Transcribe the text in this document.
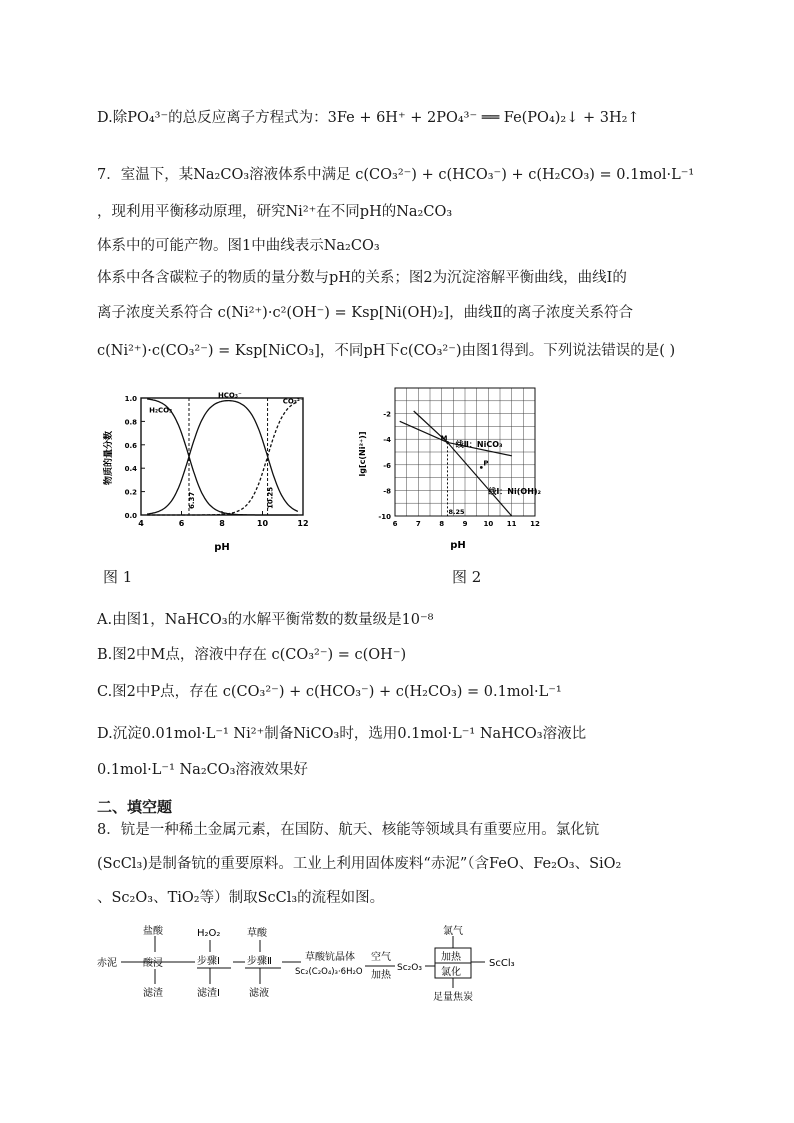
D.除PO₄³⁻的总反应离子方程式为：3Fe + 6H⁺ + 2PO₄³⁻ ══ Fe(PO₄)₂↓ + 3H₂↑
7．室温下，某Na₂CO₃溶液体系中满足 c(CO₃²⁻) + c(HCO₃⁻) + c(H₂CO₃) = 0.1mol·L⁻¹
，现利用平衡移动原理，研究Ni²⁺在不同pH的Na₂CO₃
体系中的可能产物。图1中曲线表示Na₂CO₃
体系中各含碳粒子的物质的量分数与pH的关系；图2为沉淀溶解平衡曲线，曲线Ⅰ的
离子浓度关系符合 c(Ni²⁺)·c²(OH⁻) = Ksp[Ni(OH)₂]，曲线Ⅱ的离子浓度关系符合
c(Ni²⁺)·c(CO₃²⁻) = Ksp[NiCO₃]，不同pH下c(CO₃²⁻)由图1得到。下列说法错误的是( )
0.0
0.2
0.4
0.6
0.8
1.0
4	6	8	10	12
6.37	10.25
H₂CO₃
HCO₃⁻
CO₃²⁻
物质的量分数
pH
图 1
-2
-4
-6
-8
-10
6	7	8	9 10 11 12
8.25
M
P
线Ⅱ：NiCO₃
线Ⅰ：Ni(OH)₂
lg[c(Ni²⁺)]
pH
图 2
A.由图1，NaHCO₃的水解平衡常数的数量级是10⁻⁸
B.图2中M点，溶液中存在 c(CO₃²⁻) = c(OH⁻)
C.图2中P点，存在 c(CO₃²⁻) + c(HCO₃⁻) + c(H₂CO₃) = 0.1mol·L⁻¹
D.沉淀0.01mol·L⁻¹ Ni²⁺制备NiCO₃时，选用0.1mol·L⁻¹ NaHCO₃溶液比
0.1mol·L⁻¹ Na₂CO₃溶液效果好
二、填空题
8．钪是一种稀土金属元素，在国防、航天、核能等领域具有重要应用。氯化钪
(ScCl₃)是制备钪的重要原料。工业上利用固体废料“赤泥”（含FeO、Fe₂O₃、SiO₂
、Sc₂O₃、TiO₂等）制取ScCl₃的流程如图。
赤泥
盐酸
酸浸
滤渣
H₂O₂
步骤Ⅰ
滤渣Ⅰ
草酸
步骤Ⅱ
滤液
草酸钪晶体
Sc₂(C₂O₄)₃·6H₂O
空气
加热
Sc₂O₃
氯气
加热
氯化
足量焦炭
ScCl₃
